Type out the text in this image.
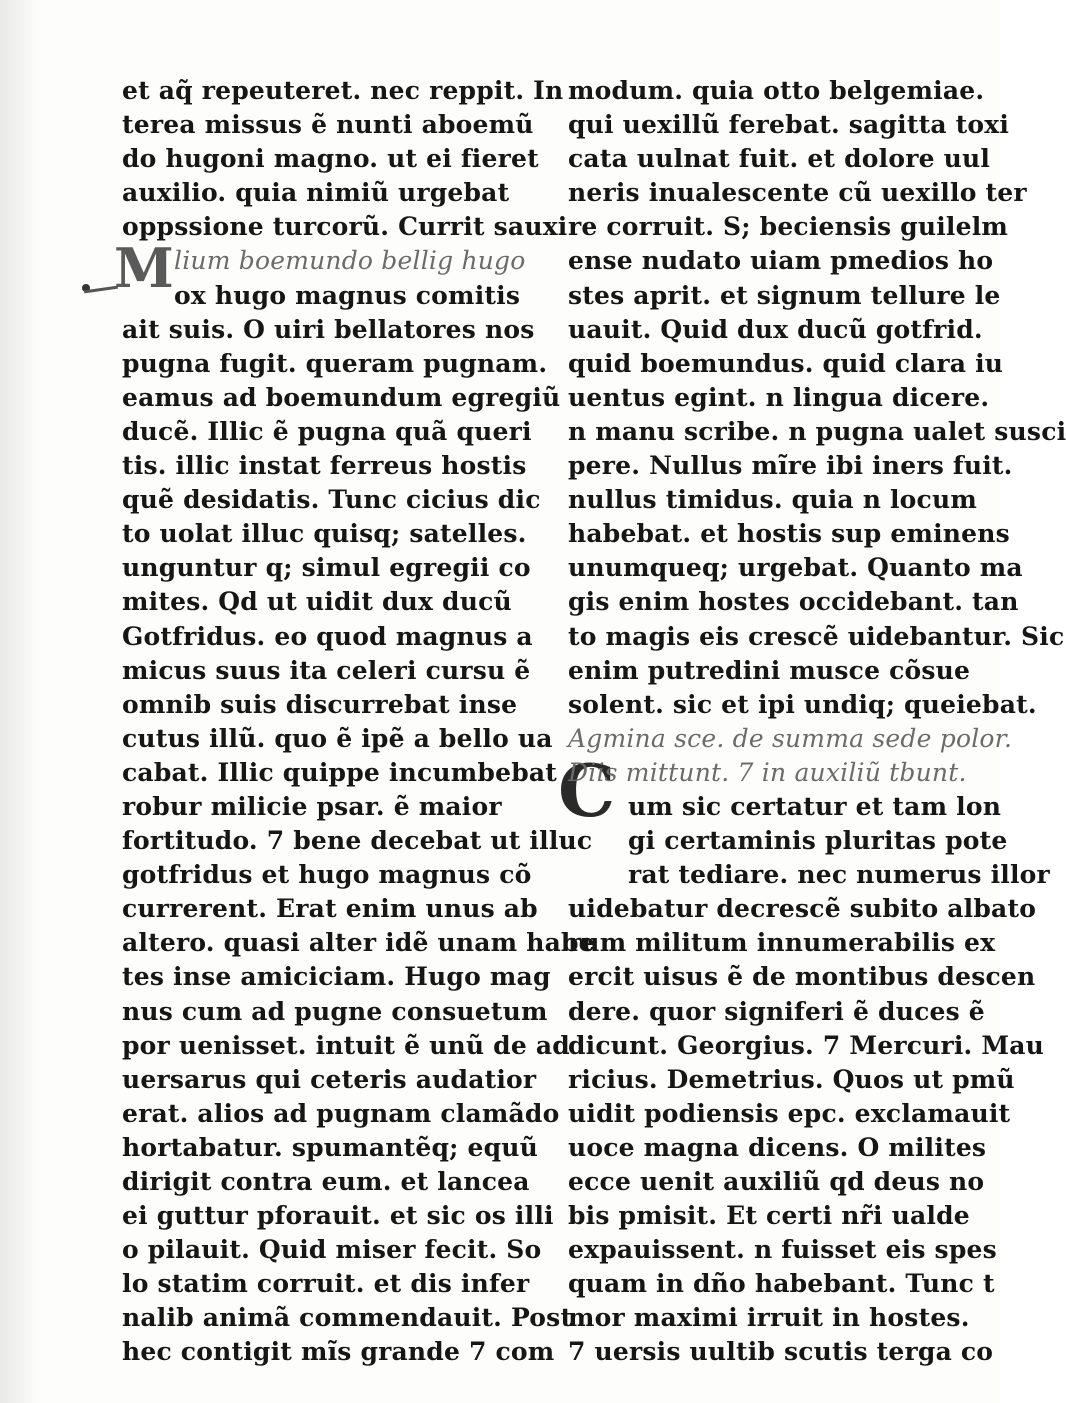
M
C
et aq̃ repeuteret. nec reppit. In
terea missus ẽ nunti aboemũ
do hugoni magno. ut ei fieret
auxilio. quia nimiũ urgebat
oppssione turcorũ. Currit sauxi
lium boemundo bellig hugo
ox hugo magnus comitis
ait suis. O uiri bellatores nos
pugna fugit. queram pugnam.
eamus ad boemundum egregiũ
ducẽ. Illic ẽ pugna quã queri
tis. illic instat ferreus hostis
quẽ desidatis. Tunc cicius dic
to uolat illuc quisq; satelles.
unguntur q; simul egregii co
mites. Qd ut uidit dux ducũ
Gotfridus. eo quod magnus a
micus suus ita celeri cursu ẽ
omnib suis discurrebat inse
cutus illũ. quo ẽ ipẽ a bello ua
cabat. Illic quippe incumbebat
robur milicie psar. ẽ maior
fortitudo. 7 bene decebat ut illuc
gotfridus et hugo magnus cõ
currerent. Erat enim unus ab
altero. quasi alter idẽ unam habe
tes inse amiciciam. Hugo mag
nus cum ad pugne consuetum
por uenisset. intuit ẽ unũ de ad
uersarus qui ceteris audatior
erat. alios ad pugnam clamãdo
hortabatur. spumantẽq; equũ
dirigit contra eum. et lancea
ei guttur pforauit. et sic os illi
o pilauit. Quid miser fecit. So
lo statim corruit. et dis infer
nalib animã commendauit. Post
hec contigit mĩs grande 7 com
modum. quia otto belgemiae.
qui uexillũ ferebat. sagitta toxi
cata uulnat fuit. et dolore uul
neris inualescente cũ uexillo ter
re corruit. S; beciensis guilelm
ense nudato uiam pmedios ho
stes aprit. et signum tellure le
uauit. Quid dux ducũ gotfrid.
quid boemundus. quid clara iu
uentus egint. n lingua dicere.
n manu scribe. n pugna ualet susci
pere. Nullus mĩre ibi iners fuit.
nullus timidus. quia n locum
habebat. et hostis sup eminens
unumqueq; urgebat. Quanto ma
gis enim hostes occidebant. tan
to magis eis crescẽ uidebantur. Sic
enim putredini musce cõsue
solent. sic et ipi undiq; queiebat.
Agmina sce. de summa sede polor.
Diis mittunt. 7 in auxiliũ tbunt.
um sic certatur et tam lon
gi certaminis pluritas pote
rat tediare. nec numerus illor
uidebatur decrescẽ subito albato
rum militum innumerabilis ex
ercit uisus ẽ de montibus descen
dere. quor signiferi ẽ duces ẽ
dicunt. Georgius. 7 Mercuri. Mau
ricius. Demetrius. Quos ut pmũ
uidit podiensis epc. exclamauit
uoce magna dicens. O milites
ecce uenit auxiliũ qd deus no
bis pmisit. Et certi nr̃i ualde
expauissent. n fuisset eis spes
quam in dño habebant. Tunc t
mor maximi irruit in hostes.
7 uersis uultib scutis terga co
